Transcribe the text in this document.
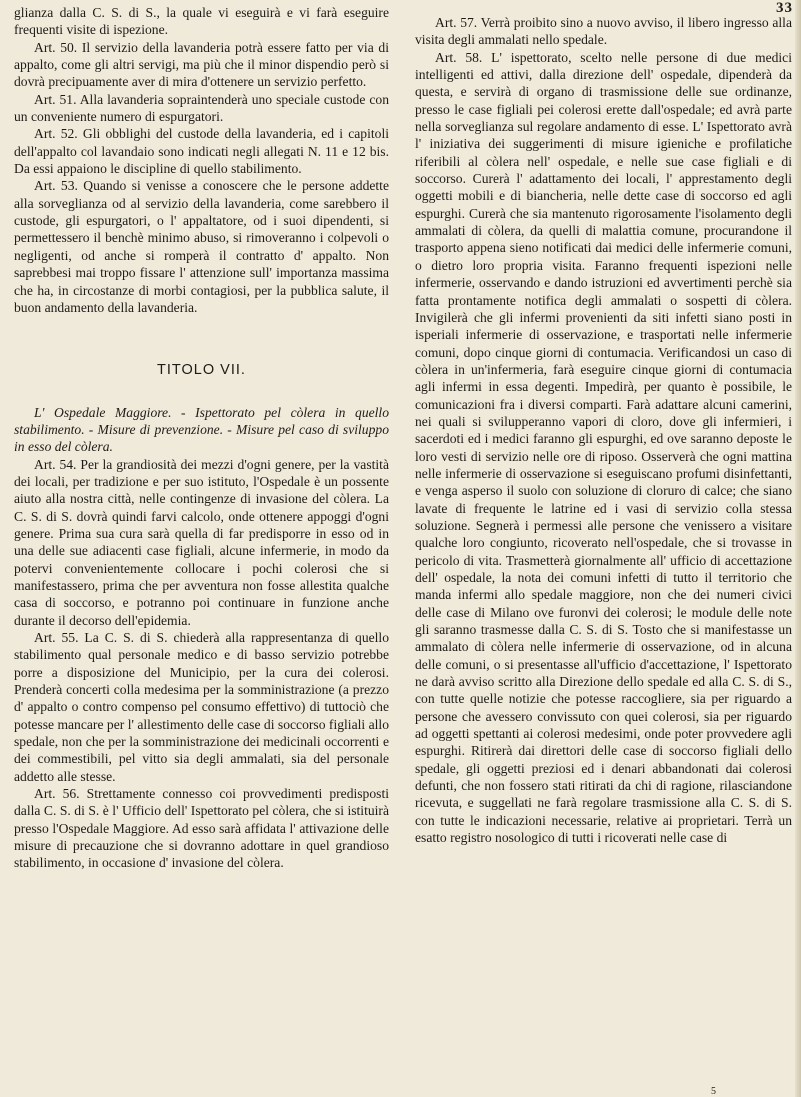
33

glianza dalla C. S. di S., la quale vi eseguirà e vi farà eseguire frequenti visite di ispezione.

Art. 50. Il servizio della lavanderia potrà essere fatto per via di appalto, come gli altri servigi, ma più che il minor dispendio però si dovrà precipuamente aver di mira d'ottenere un servizio perfetto.

Art. 51. Alla lavanderia sopraintenderà uno speciale custode con un conveniente numero di espurgatori.

Art. 52. Gli obblighi del custode della lavanderia, ed i capitoli dell'appalto col lavandaio sono indicati negli allegati N. 11 e 12 bis. Da essi appaiono le discipline di quello stabilimento.

Art. 53. Quando si venisse a conoscere che le persone addette alla sorveglianza od al servizio della lavanderia, come sarebbero il custode, gli espurgatori, o l' appaltatore, od i suoi dipendenti, si permettessero il benchè minimo abuso, si rimoveranno i colpevoli o negligenti, od anche si romperà il contratto d' appalto. Non saprebbesi mai troppo fissare l' attenzione sull' importanza massima che ha, in circostanze di morbi contagiosi, per la pubblica salute, il buon andamento della lavanderia.

TITOLO VII.

L' Ospedale Maggiore. - Ispettorato pel còlera in quello stabilimento. - Misure di prevenzione. - Misure pel caso di sviluppo in esso del còlera.

Art. 54. Per la grandiosità dei mezzi d'ogni genere, per la vastità dei locali, per tradizione e per suo istituto, l'Ospedale è un possente aiuto alla nostra città, nelle contingenze di invasione del còlera. La C. S. di S. dovrà quindi farvi calcolo, onde ottenere appoggi d'ogni genere. Prima sua cura sarà quella di far predisporre in esso od in una delle sue adiacenti case figliali, alcune infermerie, in modo da potervi convenientemente collocare i pochi colerosi che si manifestassero, prima che per avventura non fosse allestita qualche casa di soccorso, e potranno poi continuare in funzione anche durante il decorso dell'epidemia.

Art. 55. La C. S. di S. chiederà alla rappresentanza di quello stabilimento qual personale medico e di basso servizio potrebbe porre a disposizione del Municipio, per la cura dei colerosi. Prenderà concerti colla medesima per la somministrazione (a prezzo d' appalto o contro compenso pel consumo effettivo) di tuttociò che potesse mancare per l' allestimento delle case di soccorso figliali allo spedale, non che per la somministrazione dei medicinali occorrenti e dei commestibili, pel vitto sia degli ammalati, sia del personale addetto alle stesse.

Art. 56. Strettamente connesso coi provvedimenti predisposti dalla C. S. di S. è l' Ufficio dell' Ispettorato pel còlera, che si istituirà presso l'Ospedale Maggiore. Ad esso sarà affidata l' attivazione delle misure di precauzione che si dovranno adottare in quel grandioso stabilimento, in occasione d' invasione del còlera.

Art. 57. Verrà proibito sino a nuovo avviso, il libero ingresso alla visita degli ammalati nello spedale.

Art. 58. L' ispettorato, scelto nelle persone di due medici intelligenti ed attivi, dalla direzione dell' ospedale, dipenderà da questa, e servirà di organo di trasmissione delle sue ordinanze, presso le case figliali pei colerosi erette dall'ospedale; ed avrà parte nella sorveglianza sul regolare andamento di esse. L' Ispettorato avrà l' iniziativa dei suggerimenti di misure igieniche e profilatiche riferibili al còlera nell' ospedale, e nelle sue case figliali e di soccorso. Curerà l' adattamento dei locali, l' apprestamento degli oggetti mobili e di biancheria, nelle dette case di soccorso ed agli espurghi. Curerà che sia mantenuto rigorosamente l'isolamento degli ammalati di còlera, da quelli di malattia comune, procurandone il trasporto appena sieno notificati dai medici delle infermerie comuni, o dietro loro propria visita. Faranno frequenti ispezioni nelle infermerie, osservando e dando istruzioni ed avvertimenti perchè sia fatta prontamente notifica degli ammalati o sospetti di còlera. Invigilerà che gli infermi provenienti da siti infetti siano posti in isperiali infermerie di osservazione, e trasportati nelle infermerie comuni, dopo cinque giorni di contumacia. Verificandosi un caso di còlera in un'infermeria, farà eseguire cinque giorni di contumacia agli infermi in essa degenti. Impedirà, per quanto è possibile, le comunicazioni fra i diversi comparti. Farà adattare alcuni camerini, nei quali si svilupperanno vapori di cloro, dove gli infermieri, i sacerdoti ed i medici faranno gli espurghi, ed ove saranno deposte le loro vesti di servizio nelle ore di riposo. Osserverà che ogni mattina nelle infermerie di osservazione si eseguiscano profumi disinfettanti, e venga asperso il suolo con soluzione di cloruro di calce; che siano lavate di frequente le latrine ed i vasi di servizio colla stessa soluzione. Segnerà i permessi alle persone che venissero a visitare qualche loro congiunto, ricoverato nell'ospedale, che si trovasse in pericolo di vita. Trasmetterà giornalmente all' ufficio di accettazione dell' ospedale, la nota dei comuni infetti di tutto il territorio che manda infermi allo spedale maggiore, non che dei numeri civici delle case di Milano ove furonvi dei colerosi; le module delle note gli saranno trasmesse dalla C. S. di S. Tosto che si manifestasse un ammalato di còlera nelle infermerie di osservazione, od in alcuna delle comuni, o si presentasse all'ufficio d'accettazione, l' Ispettorato ne darà avviso scritto alla Direzione dello spedale ed alla C. S. di S., con tutte quelle notizie che potesse raccogliere, sia per riguardo a persone che avessero convissuto con quei colerosi, sia per riguardo ad oggetti spettanti ai colerosi medesimi, onde poter provvedere agli espurghi. Ritirerà dai direttori delle case di soccorso figliali dello spedale, gli oggetti preziosi ed i denari abbandonati dai colerosi defunti, che non fossero stati ritirati da chi di ragione, rilasciandone ricevuta, e suggellati ne farà regolare trasmissione alla C. S. di S. con tutte le indicazioni necessarie, relative ai proprietari. Terrà un esatto registro nosologico di tutti i ricoverati nelle case di

5
